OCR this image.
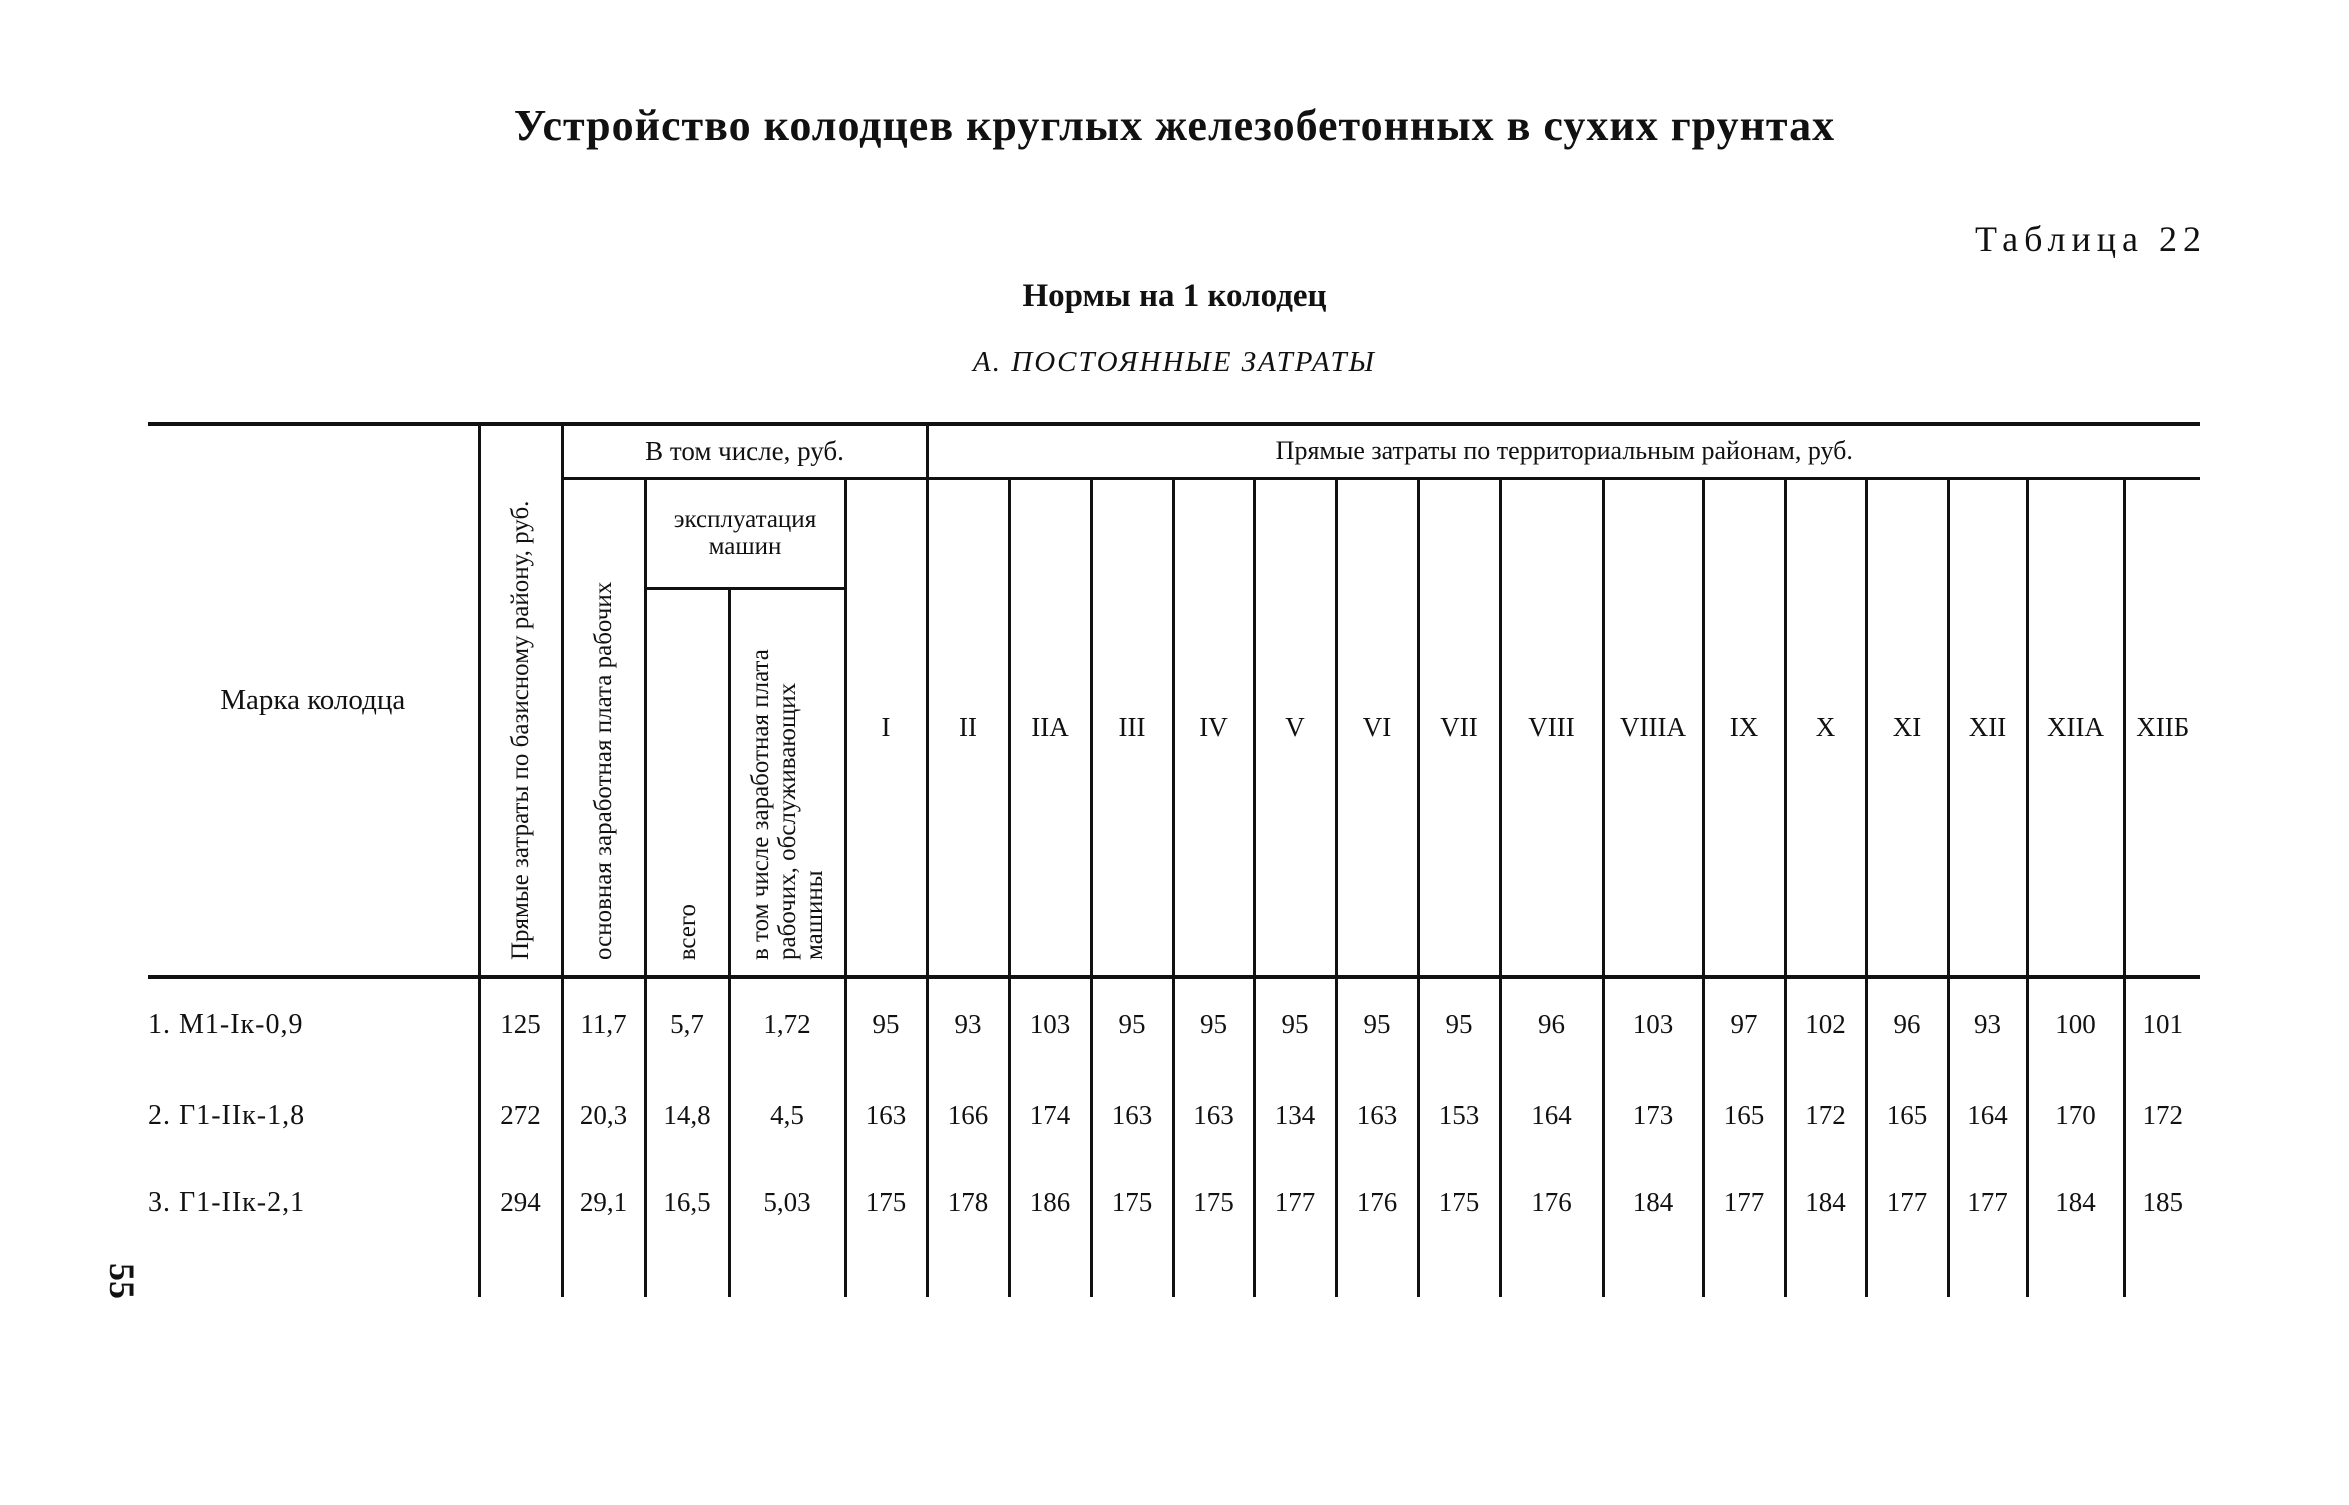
Устройство колодцев круглых железобетонных в сухих грунтах
Таблица 22
Нормы на 1 колодец
А. ПОСТОЯННЫЕ ЗАТРАТЫ
Марка колодца	Прямые затраты по базисному району, руб.	В том числе, руб.				Прямые затраты по территориальным районам, руб.														
		основная заработная плата рабочих	эксплуатация машин		I	II	IIA	III	IV	V	VI	VII	VIII	VIIIA	IX	X	XI	XII	XIIA	XIIБ
			всего	в том числе заработная плата рабочих, обслуживающих машины																
1. М1-Iк-0,9	125	11,7	5,7	1,72	95	93	103	95	95	95	95	95	96	103	97	102	96	93	100	101
2. Г1-IIк-1,8	272	20,3	14,8	4,5	163	166	174	163	163	134	163	153	164	173	165	172	165	164	170	172
3. Г1-IIк-2,1	294	29,1	16,5	5,03	175	178	186	175	175	177	176	175	176	184	177	184	177	177	184	185
55
